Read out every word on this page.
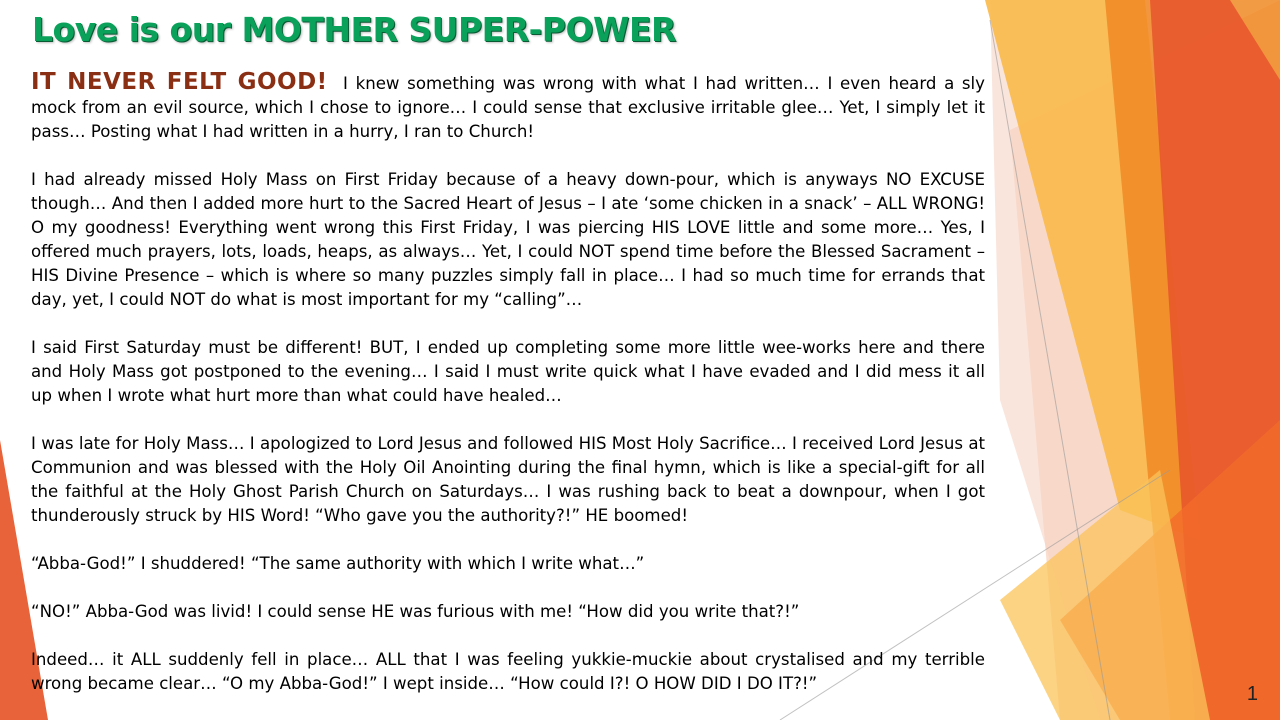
Love is our MOTHER SUPER-POWER

IT NEVER FELT GOOD! I knew something was wrong with what I had written… I even heard a sly mock from an evil source, which I chose to ignore… I could sense that exclusive irritable glee… Yet, I simply let it pass… Posting what I had written in a hurry, I ran to Church!

I had already missed Holy Mass on First Friday because of a heavy down-pour, which is anyways NO EXCUSE though… And then I added more hurt to the Sacred Heart of Jesus – I ate ‘some chicken in a snack’ – ALL WRONG! O my goodness! Everything went wrong this First Friday, I was piercing HIS LOVE little and some more… Yes, I offered much prayers, lots, loads, heaps, as always… Yet, I could NOT spend time before the Blessed Sacrament – HIS Divine Presence – which is where so many puzzles simply fall in place… I had so much time for errands that day, yet, I could NOT do what is most important for my “calling”…

I said First Saturday must be different! BUT, I ended up completing some more little wee-works here and there and Holy Mass got postponed to the evening… I said I must write quick what I have evaded and I did mess it all up when I wrote what hurt more than what could have healed…

I was late for Holy Mass… I apologized to Lord Jesus and followed HIS Most Holy Sacrifice… I received Lord Jesus at Communion and was blessed with the Holy Oil Anointing during the final hymn, which is like a special-gift for all the faithful at the Holy Ghost Parish Church on Saturdays… I was rushing back to beat a downpour, when I got thunderously struck by HIS Word! “Who gave you the authority?!” HE boomed!

“Abba-God!” I shuddered! “The same authority with which I write what…”

“NO!” Abba-God was livid! I could sense HE was furious with me! “How did you write that?!”

Indeed… it ALL suddenly fell in place… ALL that I was feeling yukkie-muckie about crystalised and my terrible wrong became clear… “O my Abba-God!” I wept inside… “How could I?! O HOW DID I DO IT?!”	1
